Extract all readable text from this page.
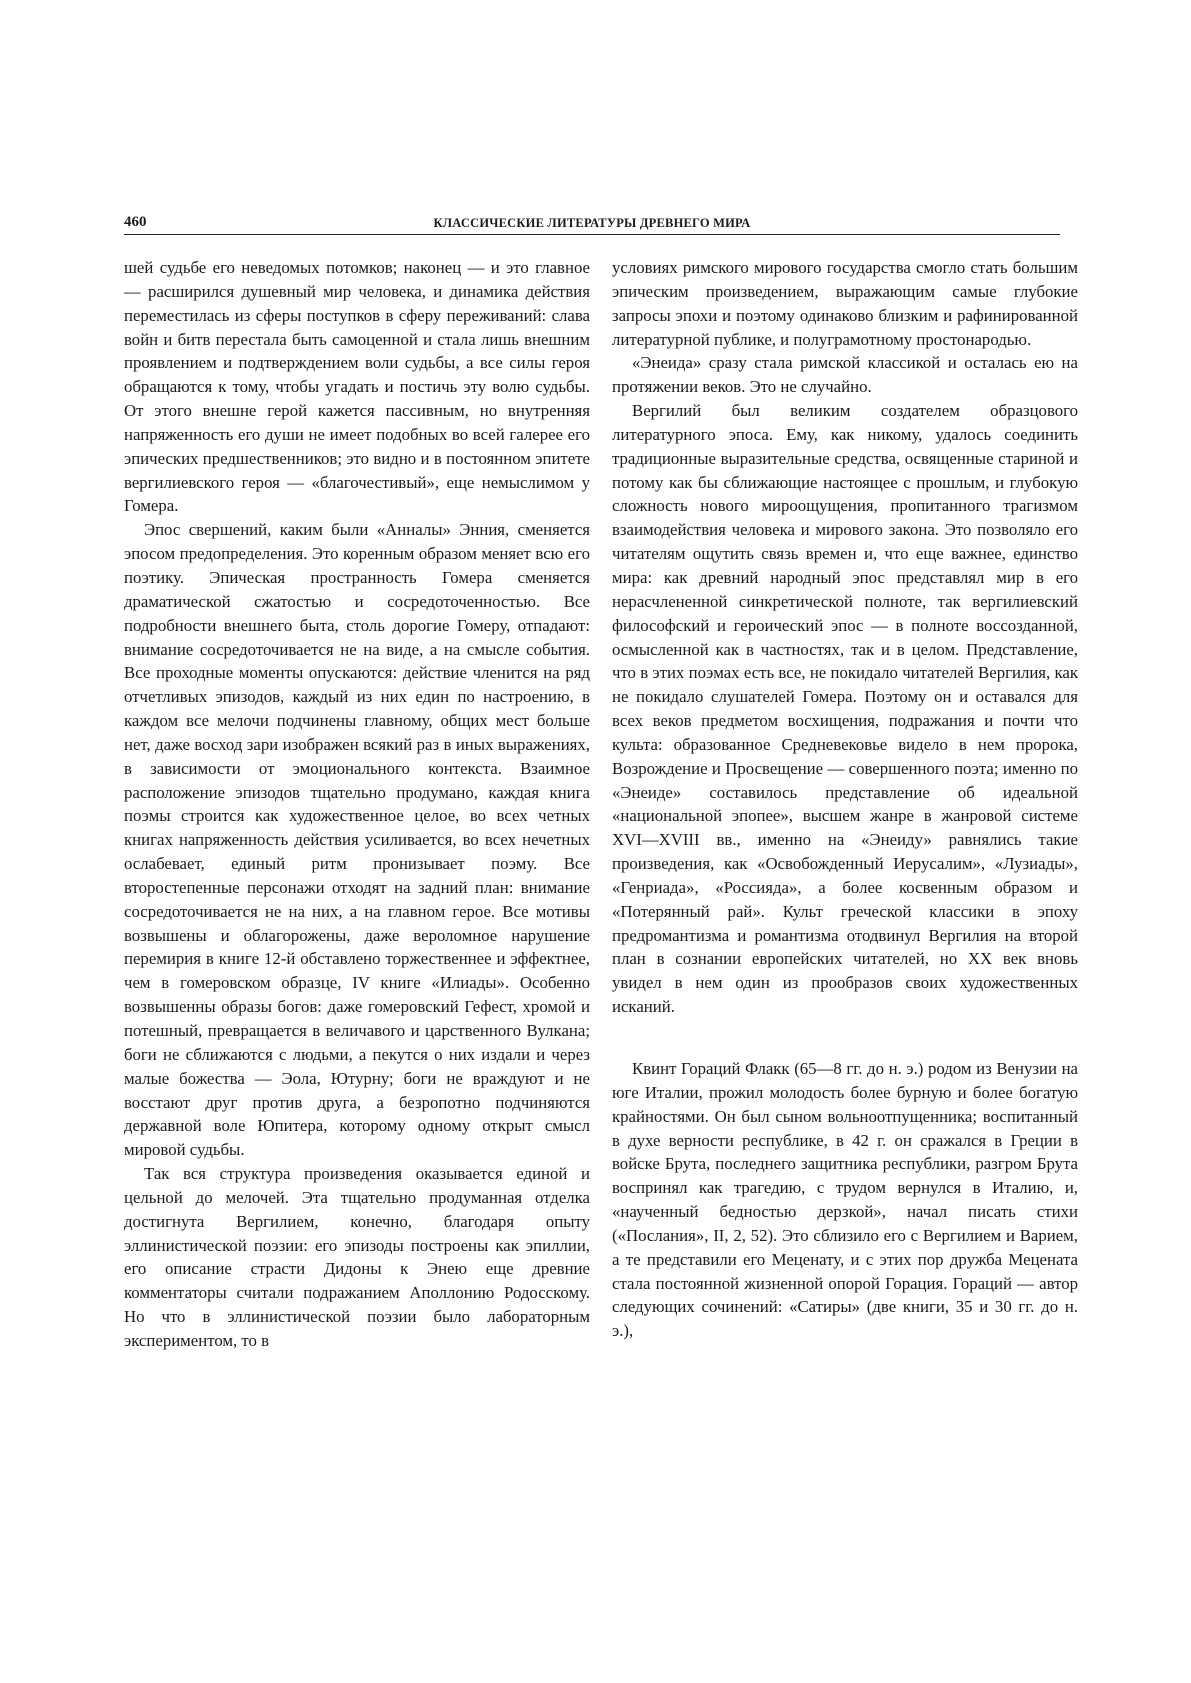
460	КЛАССИЧЕСКИЕ ЛИТЕРАТУРЫ ДРЕВНЕГО МИРА

шей судьбе его неведомых потомков; наконец — и это главное — расширился душевный мир человека, и динамика действия переместилась из сферы поступков в сферу переживаний: слава войн и битв перестала быть самоценной и стала лишь внешним проявлением и подтверждением воли судьбы, а все силы героя обращаются к тому, чтобы угадать и постичь эту волю судьбы. От этого внешне герой кажется пассивным, но внутренняя напряженность его души не имеет подобных во всей галерее его эпических предшественников; это видно и в постоянном эпитете вергилиевского героя — «благочестивый», еще немыслимом у Гомера.

Эпос свершений, каким были «Анналы» Энния, сменяется эпосом предопределения. Это коренным образом меняет всю его поэтику. Эпическая пространность Гомера сменяется драматической сжатостью и сосредоточенностью. Все подробности внешнего быта, столь дорогие Гомеру, отпадают: внимание сосредоточивается не на виде, а на смысле события. Все проходные моменты опускаются: действие членится на ряд отчетливых эпизодов, каждый из них един по настроению, в каждом все мелочи подчинены главному, общих мест больше нет, даже восход зари изображен всякий раз в иных выражениях, в зависимости от эмоционального контекста. Взаимное расположение эпизодов тщательно продумано, каждая книга поэмы строится как художественное целое, во всех четных книгах напряженность действия усиливается, во всех нечетных ослабевает, единый ритм пронизывает поэму. Все второстепенные персонажи отходят на задний план: внимание сосредоточивается не на них, а на главном герое. Все мотивы возвышены и облагорожены, даже вероломное нарушение перемирия в книге 12-й обставлено торжественнее и эффектнее, чем в гомеровском образце, IV книге «Илиады». Особенно возвышенны образы богов: даже гомеровский Гефест, хромой и потешный, превращается в величавого и царственного Вулкана; боги не сближаются с людьми, а пекутся о них издали и через малые божества — Эола, Ютурну; боги не враждуют и не восстают друг против друга, а безропотно подчиняются державной воле Юпитера, которому одному открыт смысл мировой судьбы.

Так вся структура произведения оказывается единой и цельной до мелочей. Эта тщательно продуманная отделка достигнута Вергилием, конечно, благодаря опыту эллинистической поэзии: его эпизоды построены как эпиллии, его описание страсти Дидоны к Энею еще древние комментаторы считали подражанием Аполлонию Родосскому. Но что в эллинистической поэзии было лабораторным экспериментом, то в

условиях римского мирового государства смогло стать большим эпическим произведением, выражающим самые глубокие запросы эпохи и поэтому одинаково близким и рафинированной литературной публике, и полуграмотному простонародью.

«Энеида» сразу стала римской классикой и осталась ею на протяжении веков. Это не случайно.

Вергилий был великим создателем образцового литературного эпоса. Ему, как никому, удалось соединить традиционные выразительные средства, освященные стариной и потому как бы сближающие настоящее с прошлым, и глубокую сложность нового мироощущения, пропитанного трагизмом взаимодействия человека и мирового закона. Это позволяло его читателям ощутить связь времен и, что еще важнее, единство мира: как древний народный эпос представлял мир в его нерасчлененной синкретической полноте, так вергилиевский философский и героический эпос — в полноте воссозданной, осмысленной как в частностях, так и в целом. Представление, что в этих поэмах есть все, не покидало читателей Вергилия, как не покидало слушателей Гомера. Поэтому он и оставался для всех веков предметом восхищения, подражания и почти что культа: образованное Средневековье видело в нем пророка, Возрождение и Просвещение — совершенного поэта; именно по «Энеиде» составилось представление об идеальной «национальной эпопее», высшем жанре в жанровой системе XVI—XVIII вв., именно на «Энеиду» равнялись такие произведения, как «Освобожденный Иерусалим», «Лузиады», «Генриада», «Россияда», а более косвенным образом и «Потерянный рай». Культ греческой классики в эпоху предромантизма и романтизма отодвинул Вергилия на второй план в сознании европейских читателей, но XX век вновь увидел в нем один из прообразов своих художественных исканий.

Квинт Гораций Флакк (65—8 гг. до н. э.) родом из Венузии на юге Италии, прожил молодость более бурную и более богатую крайностями. Он был сыном вольноотпущенника; воспитанный в духе верности республике, в 42 г. он сражался в Греции в войске Брута, последнего защитника республики, разгром Брута воспринял как трагедию, с трудом вернулся в Италию, и, «наученный бедностью дерзкой», начал писать стихи («Послания», II, 2, 52). Это сблизило его с Вергилием и Варием, а те представили его Меценату, и с этих пор дружба Мецената стала постоянной жизненной опорой Горация. Гораций — автор следующих сочинений: «Сатиры» (две книги, 35 и 30 гг. до н. э.),
